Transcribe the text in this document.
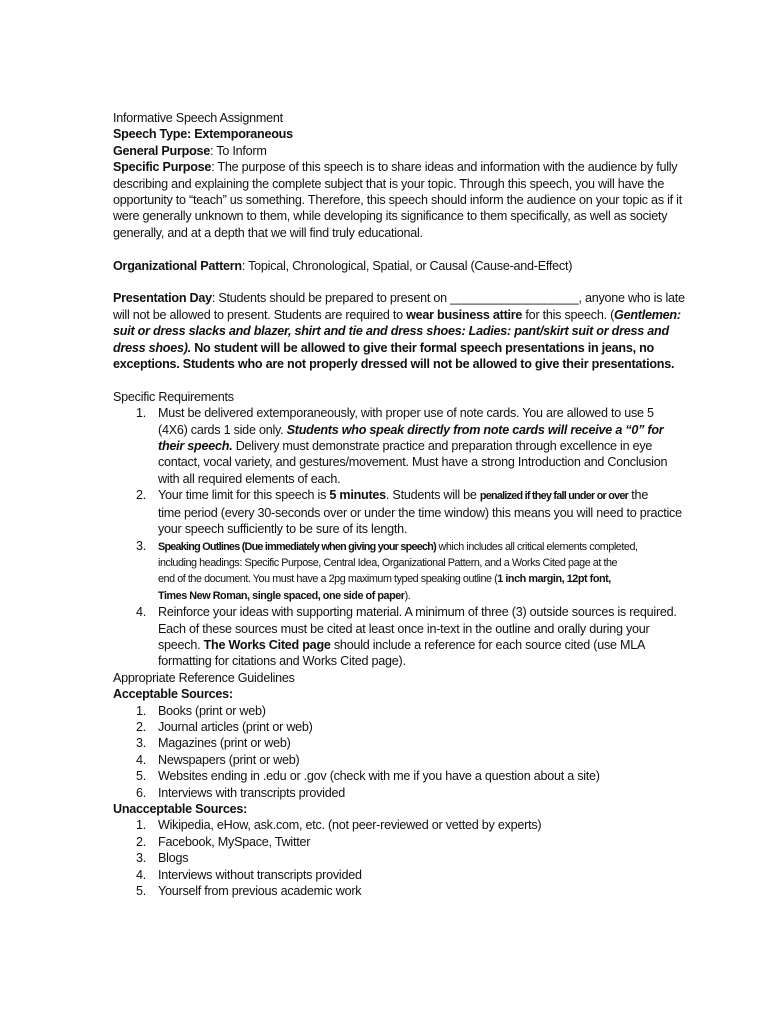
Informative Speech Assignment
Speech Type: Extemporaneous
General Purpose: To Inform
Specific Purpose: The purpose of this speech is to share ideas and information with the audience by fully
describing and explaining the complete subject that is your topic. Through this speech, you will have the
opportunity to “teach” us something. Therefore, this speech should inform the audience on your topic as if it
were generally unknown to them, while developing its significance to them specifically, as well as society
generally, and at a depth that we will find truly educational.
Organizational Pattern: Topical, Chronological, Spatial, or Causal (Cause-and-Effect)
Presentation Day: Students should be prepared to present on ___________________, anyone who is late
will not be allowed to present. Students are required to wear business attire for this speech. (Gentlemen:
suit or dress slacks and blazer, shirt and tie and dress shoes: Ladies: pant/skirt suit or dress and
dress shoes). No student will be allowed to give their formal speech presentations in jeans, no
exceptions. Students who are not properly dressed will not be allowed to give their presentations.
Specific Requirements
1. Must be delivered extemporaneously, with proper use of note cards. You are allowed to use 5
(4X6) cards 1 side only. Students who speak directly from note cards will receive a “0” for
their speech. Delivery must demonstrate practice and preparation through excellence in eye
contact, vocal variety, and gestures/movement. Must have a strong Introduction and Conclusion
with all required elements of each.
2. Your time limit for this speech is 5 minutes. Students will be penalized if they fall under or over the
time period (every 30-seconds over or under the time window) this means you will need to practice
your speech sufficiently to be sure of its length.
3. Speaking Outlines (Due immediately when giving your speech) which includes all critical elements completed,
including headings: Specific Purpose, Central Idea, Organizational Pattern, and a Works Cited page at the
end of the document. You must have a 2pg maximum typed speaking outline (1 inch margin, 12pt font,
Times New Roman, single spaced, one side of paper).
4. Reinforce your ideas with supporting material. A minimum of three (3) outside sources is required.
Each of these sources must be cited at least once in-text in the outline and orally during your
speech. The Works Cited page should include a reference for each source cited (use MLA
formatting for citations and Works Cited page).
Appropriate Reference Guidelines
Acceptable Sources:
1. Books (print or web)
2. Journal articles (print or web)
3. Magazines (print or web)
4. Newspapers (print or web)
5. Websites ending in .edu or .gov (check with me if you have a question about a site)
6. Interviews with transcripts provided
Unacceptable Sources:
1. Wikipedia, eHow, ask.com, etc. (not peer-reviewed or vetted by experts)
2. Facebook, MySpace, Twitter
3. Blogs
4. Interviews without transcripts provided
5. Yourself from previous academic work
